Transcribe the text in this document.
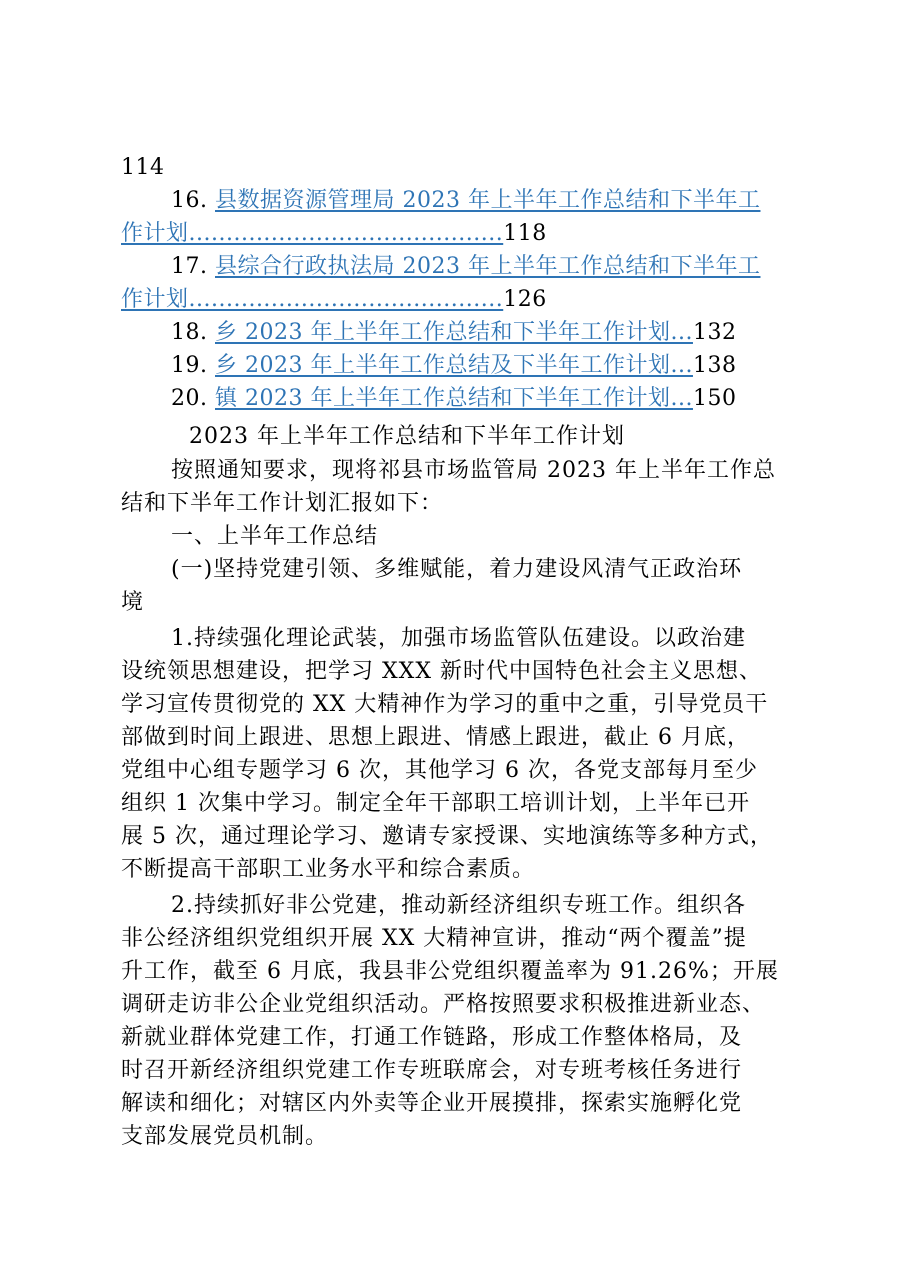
114
16. 县数据资源管理局 2023 年上半年工作总结和下半年工
作计划..........................................118
17. 县综合行政执法局 2023 年上半年工作总结和下半年工
作计划..........................................126
18. 乡 2023 年上半年工作总结和下半年工作计划...132
19. 乡 2023 年上半年工作总结及下半年工作计划...138
20. 镇 2023 年上半年工作总结和下半年工作计划...150
2023 年上半年工作总结和下半年工作计划
按照通知要求，现将祁县市场监管局 2023 年上半年工作总
结和下半年工作计划汇报如下：
一、上半年工作总结
(一)坚持党建引领、多维赋能，着力建设风清气正政治环
境
1.持续强化理论武装，加强市场监管队伍建设。以政治建
设统领思想建设，把学习 XXX 新时代中国特色社会主义思想、
学习宣传贯彻党的 XX 大精神作为学习的重中之重，引导党员干
部做到时间上跟进、思想上跟进、情感上跟进，截止 6 月底，
党组中心组专题学习 6 次，其他学习 6 次，各党支部每月至少
组织 1 次集中学习。制定全年干部职工培训计划，上半年已开
展 5 次，通过理论学习、邀请专家授课、实地演练等多种方式，
不断提高干部职工业务水平和综合素质。
2.持续抓好非公党建，推动新经济组织专班工作。组织各
非公经济组织党组织开展 XX 大精神宣讲，推动“两个覆盖”提
升工作，截至 6 月底，我县非公党组织覆盖率为 91.26%；开展
调研走访非公企业党组织活动。严格按照要求积极推进新业态、
新就业群体党建工作，打通工作链路，形成工作整体格局，及
时召开新经济组织党建工作专班联席会，对专班考核任务进行
解读和细化；对辖区内外卖等企业开展摸排，探索实施孵化党
支部发展党员机制。
